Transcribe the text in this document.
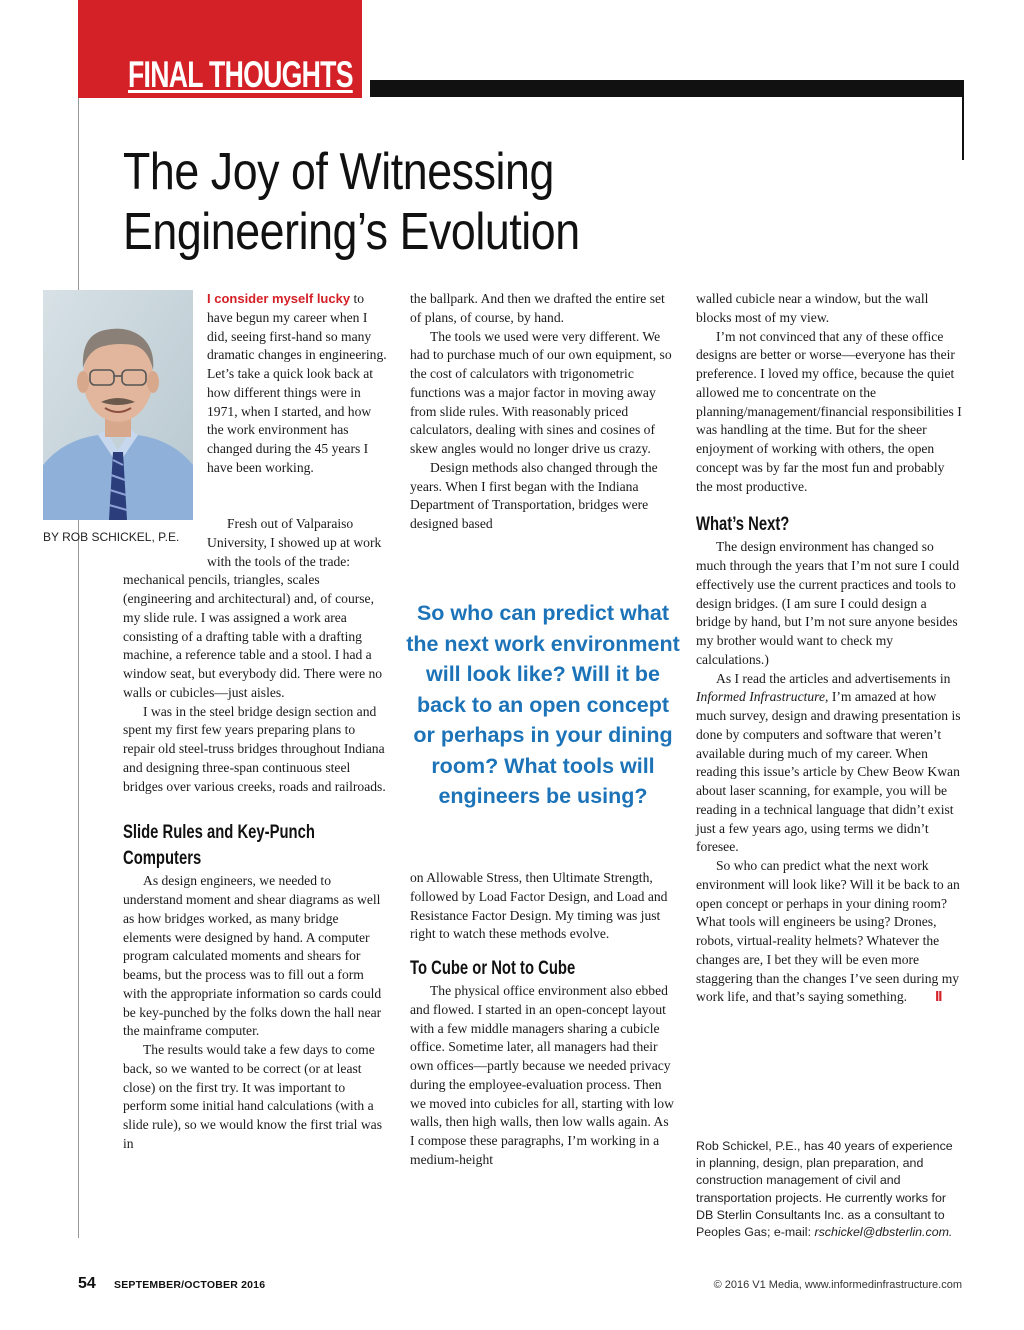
FINAL THOUGHTS
The Joy of Witnessing
Engineering’s Evolution
BY ROB SCHICKEL, P.E.

I consider myself lucky to have begun my career when I did, seeing first-hand so many dramatic changes in engineering. Let’s take a quick look back at how different things were in 1971, when I started, and how the work environment has changed during the 45 years I have been working.

Fresh out of Valparaiso University, I showed up at work with the tools of the trade: mechanical pencils, triangles, scales (engineering and architectural) and, of course, my slide rule. I was assigned a work area consisting of a drafting table with a drafting machine, a reference table and a stool. I had a window seat, but everybody did. There were no walls or cubicles—just aisles.

I was in the steel bridge design section and spent my first few years preparing plans to repair old steel-truss bridges throughout Indiana and designing three-span continuous steel bridges over various creeks, roads and railroads.

Slide Rules and Key-Punch
Computers

As design engineers, we needed to understand moment and shear diagrams as well as how bridges worked, as many bridge elements were designed by hand. A computer program calculated moments and shears for beams, but the process was to fill out a form with the appropriate information so cards could be key-punched by the folks down the hall near the mainframe computer.

The results would take a few days to come back, so we wanted to be correct (or at least close) on the first try. It was important to perform some initial hand calculations (with a slide rule), so we would know the first trial was in

the ballpark. And then we drafted the entire set of plans, of course, by hand.

The tools we used were very different. We had to purchase much of our own equipment, so the cost of calculators with trigonometric functions was a major factor in moving away from slide rules. With reasonably priced calculators, dealing with sines and cosines of skew angles would no longer drive us crazy.

Design methods also changed through the years. When I first began with the Indiana Department of Transportation, bridges were designed based

So who can predict what the next work environment will look like? Will it be back to an open concept or perhaps in your dining room? What tools will engineers be using?

on Allowable Stress, then Ultimate Strength, followed by Load Factor Design, and Load and Resistance Factor Design. My timing was just right to watch these methods evolve.

To Cube or Not to Cube

The physical office environment also ebbed and flowed. I started in an open-concept layout with a few middle managers sharing a cubicle office. Sometime later, all managers had their own offices—partly because we needed privacy during the employee-evaluation process. Then we moved into cubicles for all, starting with low walls, then high walls, then low walls again. As I compose these paragraphs, I’m working in a medium-height

walled cubicle near a window, but the wall blocks most of my view.

I’m not convinced that any of these office designs are better or worse—everyone has their preference. I loved my office, because the quiet allowed me to concentrate on the planning/management/financial responsibilities I was handling at the time. But for the sheer enjoyment of working with others, the open concept was by far the most fun and probably the most productive.

What’s Next?

The design environment has changed so much through the years that I’m not sure I could effectively use the current practices and tools to design bridges. (I am sure I could design a bridge by hand, but I’m not sure anyone besides my brother would want to check my calculations.)

As I read the articles and advertisements in Informed Infrastructure, I’m amazed at how much survey, design and drawing presentation is done by computers and software that weren’t available during much of my career. When reading this issue’s article by Chew Beow Kwan about laser scanning, for example, you will be reading in a technical language that didn’t exist just a few years ago, using terms we didn’t foresee.

So who can predict what the next work environment will look like? Will it be back to an open concept or perhaps in your dining room? What tools will engineers be using? Drones, robots, virtual-reality helmets? Whatever the changes are, I bet they will be even more staggering than the changes I’ve seen during my work life, and that’s saying something. II

Rob Schickel, P.E., has 40 years of experience in planning, design, plan preparation, and construction management of civil and transportation projects. He currently works for DB Sterlin Consultants Inc. as a consultant to Peoples Gas; e-mail: rschickel@dbsterlin.com.
54 SEPTEMBER/OCTOBER 2016	© 2016 V1 Media, www.informedinfrastructure.com
